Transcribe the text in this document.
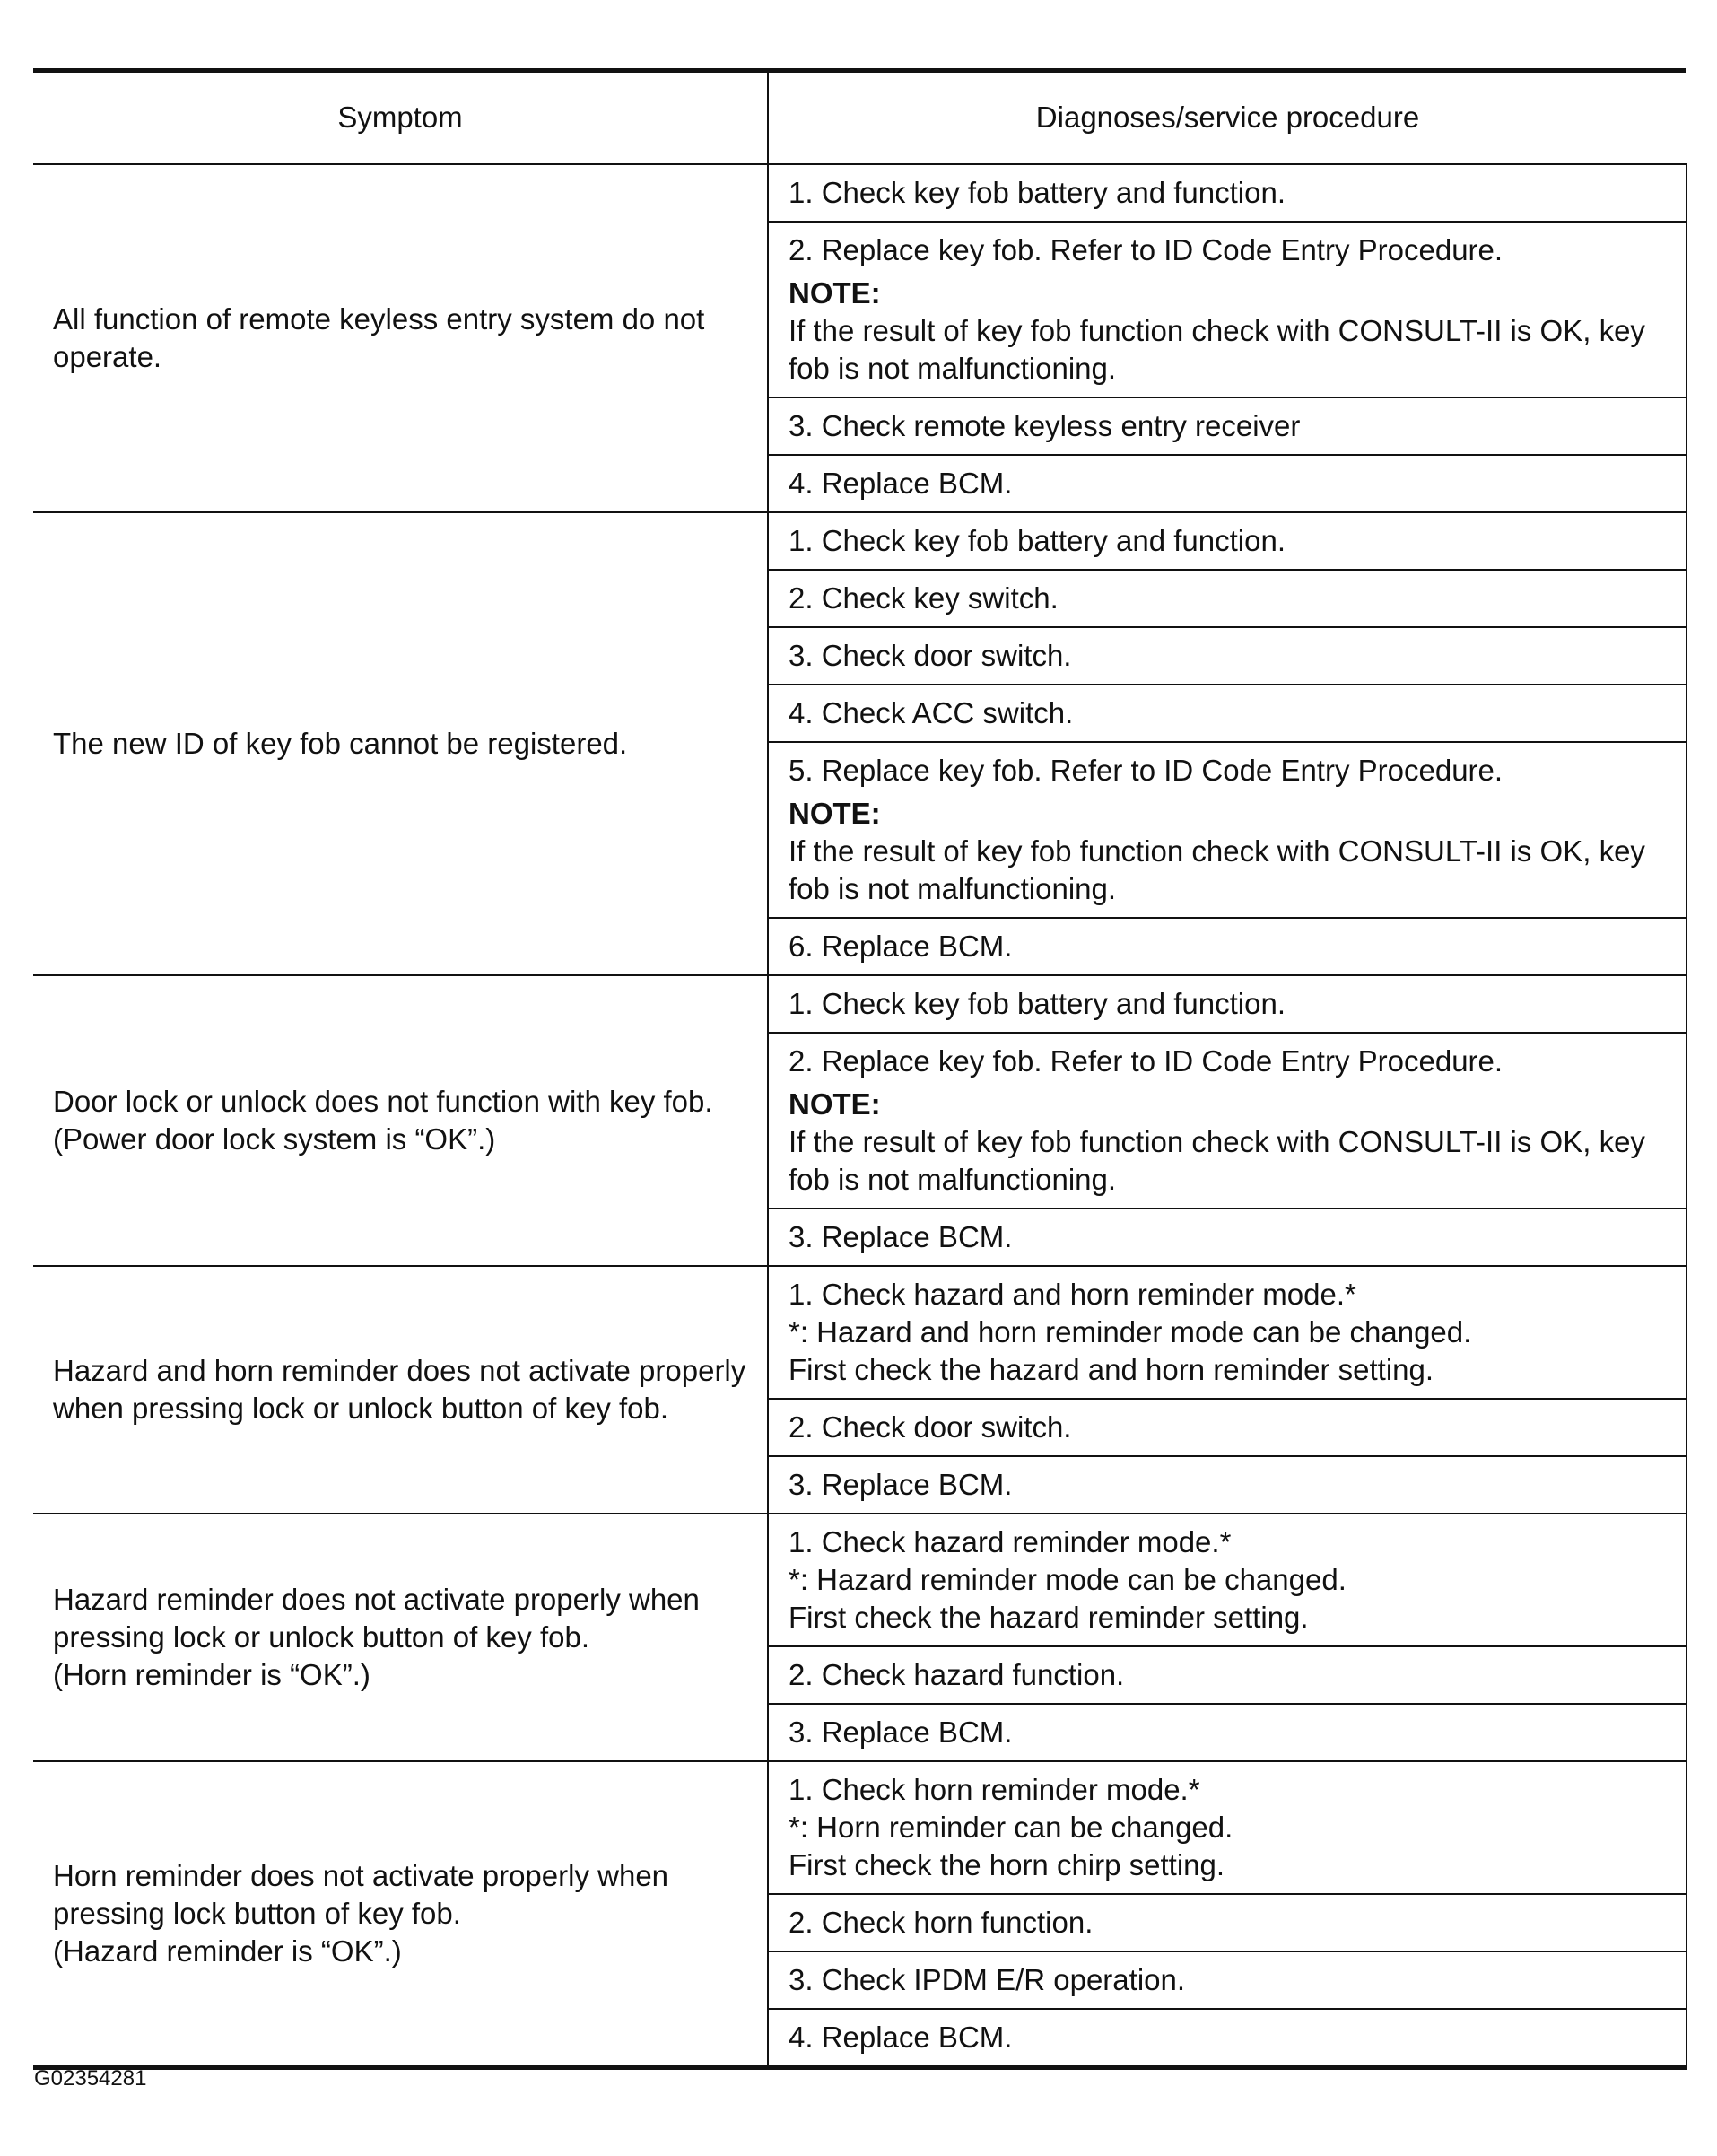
Symptom	Diagnoses/service procedure
All function of remote keyless entry system do not operate.	1. Check key fob battery and function.

	2. Replace key fob. Refer to ID Code Entry Procedure.
NOTE:
If the result of key fob function check with CONSULT-II is OK, key fob is not malfunctioning.

	3. Check remote keyless entry receiver

	4. Replace BCM.

The new ID of key fob cannot be registered.	1. Check key fob battery and function.

	2. Check key switch.

	3. Check door switch.

	4. Check ACC switch.

	5. Replace key fob. Refer to ID Code Entry Procedure.
NOTE:
If the result of key fob function check with CONSULT-II is OK, key fob is not malfunctioning.

	6. Replace BCM.

Door lock or unlock does not function with key fob.
(Power door lock system is “OK”.)	1. Check key fob battery and function.

	2. Replace key fob. Refer to ID Code Entry Procedure.
NOTE:
If the result of key fob function check with CONSULT-II is OK, key fob is not malfunctioning.

	3. Replace BCM.

Hazard and horn reminder does not activate properly when pressing lock or unlock button of key fob.	1. Check hazard and horn reminder mode.*
*: Hazard and horn reminder mode can be changed.
First check the hazard and horn reminder setting.

	2. Check door switch.

	3. Replace BCM.

Hazard reminder does not activate properly when pressing lock or unlock button of key fob.
(Horn reminder is “OK”.)	1. Check hazard reminder mode.*
*: Hazard reminder mode can be changed.
First check the hazard reminder setting.

	2. Check hazard function.

	3. Replace BCM.

Horn reminder does not activate properly when pressing lock button of key fob.
(Hazard reminder is “OK”.)	1. Check horn reminder mode.*
*: Horn reminder can be changed.
First check the horn chirp setting.

	2. Check horn function.

	3. Check IPDM E/R operation.

	4. Replace BCM.
G02354281
